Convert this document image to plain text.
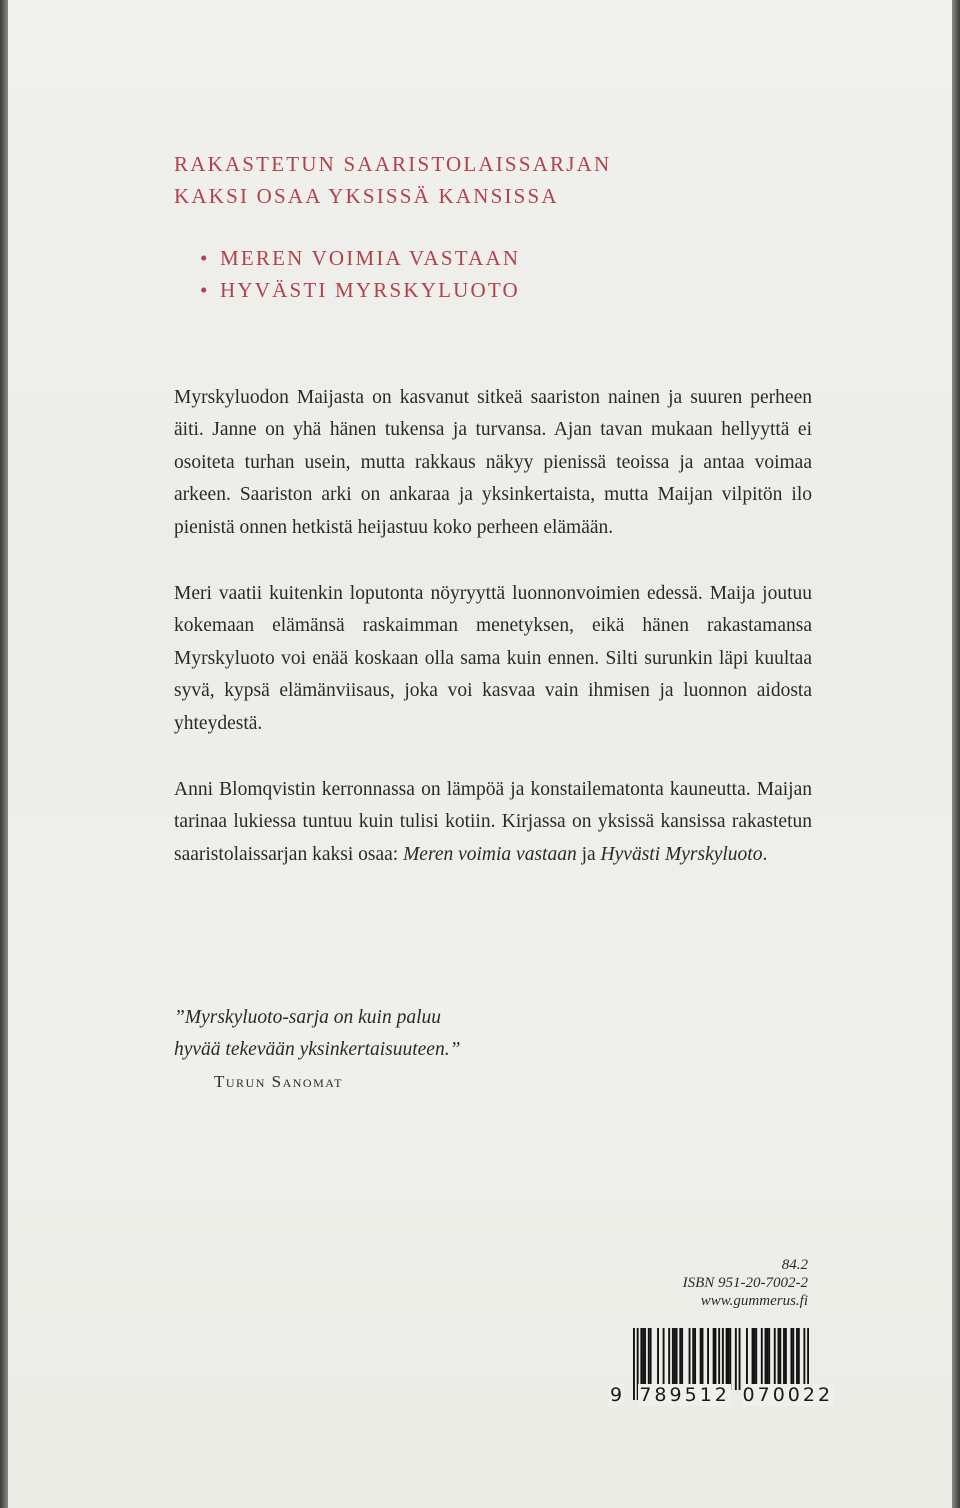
RAKASTETUN SAARISTOLAISSARJAN
KAKSI OSAA YKSISSÄ KANSISSA
• MEREN VOIMIA VASTAAN
• HYVÄSTI MYRSKYLUOTO

Myrskyluodon Maijasta on kasvanut sitkeä saariston nainen ja suuren perheen äiti. Janne on yhä hänen tukensa ja turvansa. Ajan tavan mukaan hellyyttä ei osoiteta turhan usein, mutta rakkaus näkyy pienissä teoissa ja antaa voimaa arkeen. Saariston arki on ankaraa ja yksinkertaista, mutta Maijan vilpitön ilo pienistä onnen hetkistä heijastuu koko perheen elämään.

Meri vaatii kuitenkin loputonta nöyryyttä luonnonvoimien edessä. Maija joutuu kokemaan elämänsä raskaimman menetyksen, eikä hänen rakastamansa Myrskyluoto voi enää koskaan olla sama kuin ennen. Silti surunkin läpi kuultaa syvä, kypsä elämänviisaus, joka voi kasvaa vain ihmisen ja luonnon aidosta yhteydestä.

Anni Blomqvistin kerronnassa on lämpöä ja konstailematonta kauneutta. Maijan tarinaa lukiessa tuntuu kuin tulisi kotiin. Kirjassa on yksissä kansissa rakastetun saaristolaissarjan kaksi osaa: Meren voimia vastaan ja Hyvästi Myrskyluoto.

”Myrskyluoto-sarja on kuin paluu
hyvää tekevään yksinkertaisuuteen.”
Turun Sanomat
84.2
ISBN 951-20-7002-2
www.gummerus.fi
9 789512 070022
